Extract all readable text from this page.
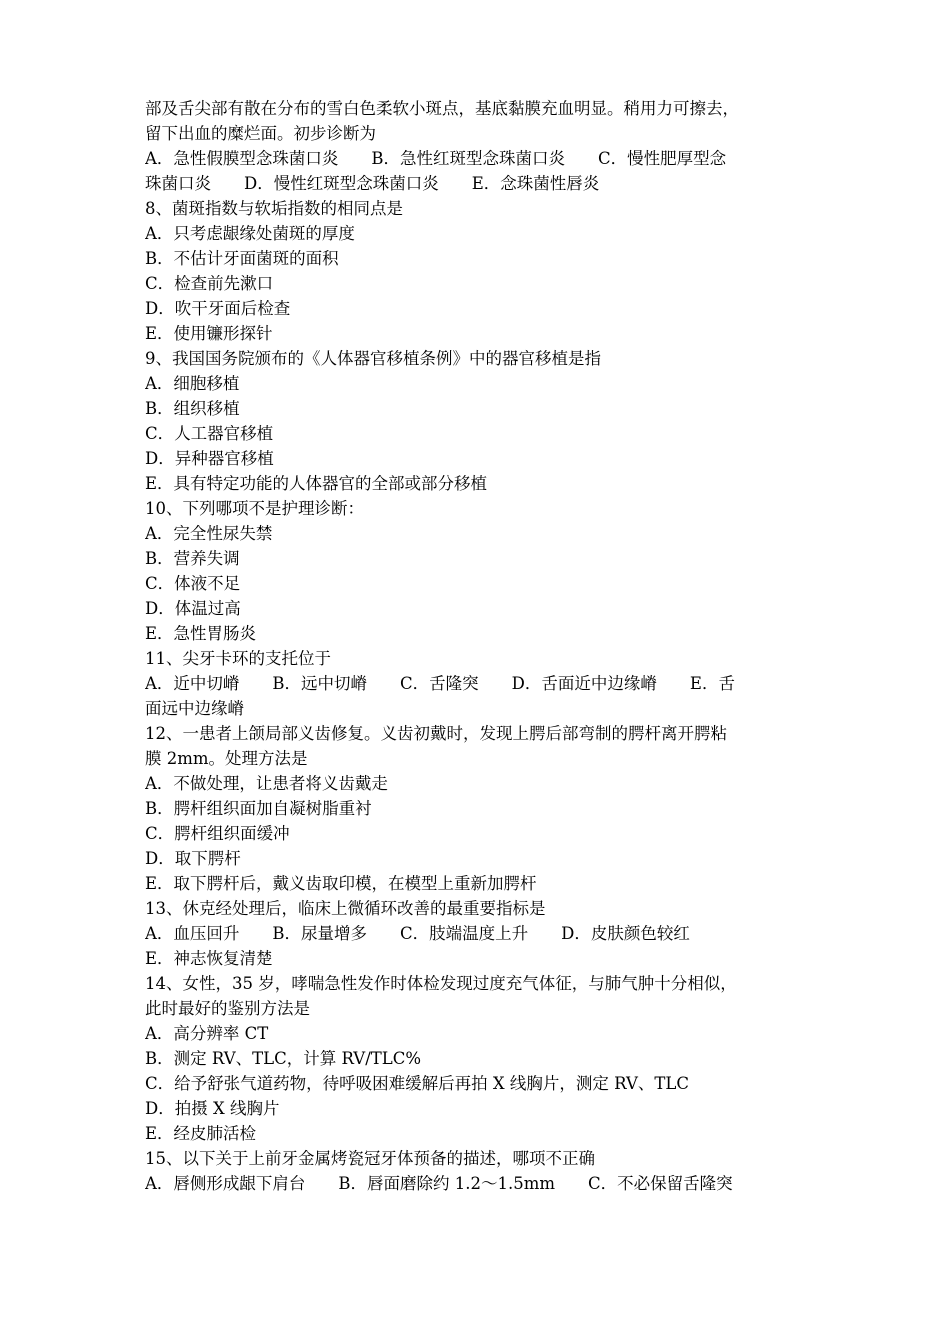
部及舌尖部有散在分布的雪白色柔软小斑点，基底黏膜充血明显。稍用力可擦去，
留下出血的糜烂面。初步诊断为
A．急性假膜型念珠菌口炎　　B．急性红斑型念珠菌口炎　　C．慢性肥厚型念
珠菌口炎　　D．慢性红斑型念珠菌口炎　　E．念珠菌性唇炎
8、菌斑指数与软垢指数的相同点是
A．只考虑龈缘处菌斑的厚度
B．不估计牙面菌斑的面积
C．检查前先漱口
D．吹干牙面后检查
E．使用镰形探针
9、我国国务院颁布的《人体器官移植条例》中的器官移植是指
A．细胞移植
B．组织移植
C．人工器官移植
D．异种器官移植
E．具有特定功能的人体器官的全部或部分移植
10、下列哪项不是护理诊断：
A．完全性尿失禁
B．营养失调
C．体液不足
D．体温过高
E．急性胃肠炎
11、尖牙卡环的支托位于
A．近中切嵴　　B．远中切嵴　　C．舌隆突　　D．舌面近中边缘嵴　　E．舌
面远中边缘嵴
12、一患者上颌局部义齿修复。义齿初戴时，发现上腭后部弯制的腭杆离开腭粘
膜 2mm。处理方法是
A．不做处理，让患者将义齿戴走
B．腭杆组织面加自凝树脂重衬
C．腭杆组织面缓冲
D．取下腭杆
E．取下腭杆后，戴义齿取印模，在模型上重新加腭杆
13、休克经处理后，临床上微循环改善的最重要指标是
A．血压回升　　B．尿量增多　　C．肢端温度上升　　D．皮肤颜色较红
E．神志恢复清楚
14、女性，35 岁，哮喘急性发作时体检发现过度充气体征，与肺气肿十分相似，
此时最好的鉴别方法是
A．高分辨率 CT
B．测定 RV、TLC，计算 RV/TLC%
C．给予舒张气道药物，待呼吸困难缓解后再拍 X 线胸片，测定 RV、TLC
D．拍摄 X 线胸片
E．经皮肺活检
15、以下关于上前牙金属烤瓷冠牙体预备的描述，哪项不正确
A．唇侧形成龈下肩台　　B．唇面磨除约 1.2～1.5mm　　C．不必保留舌隆突
